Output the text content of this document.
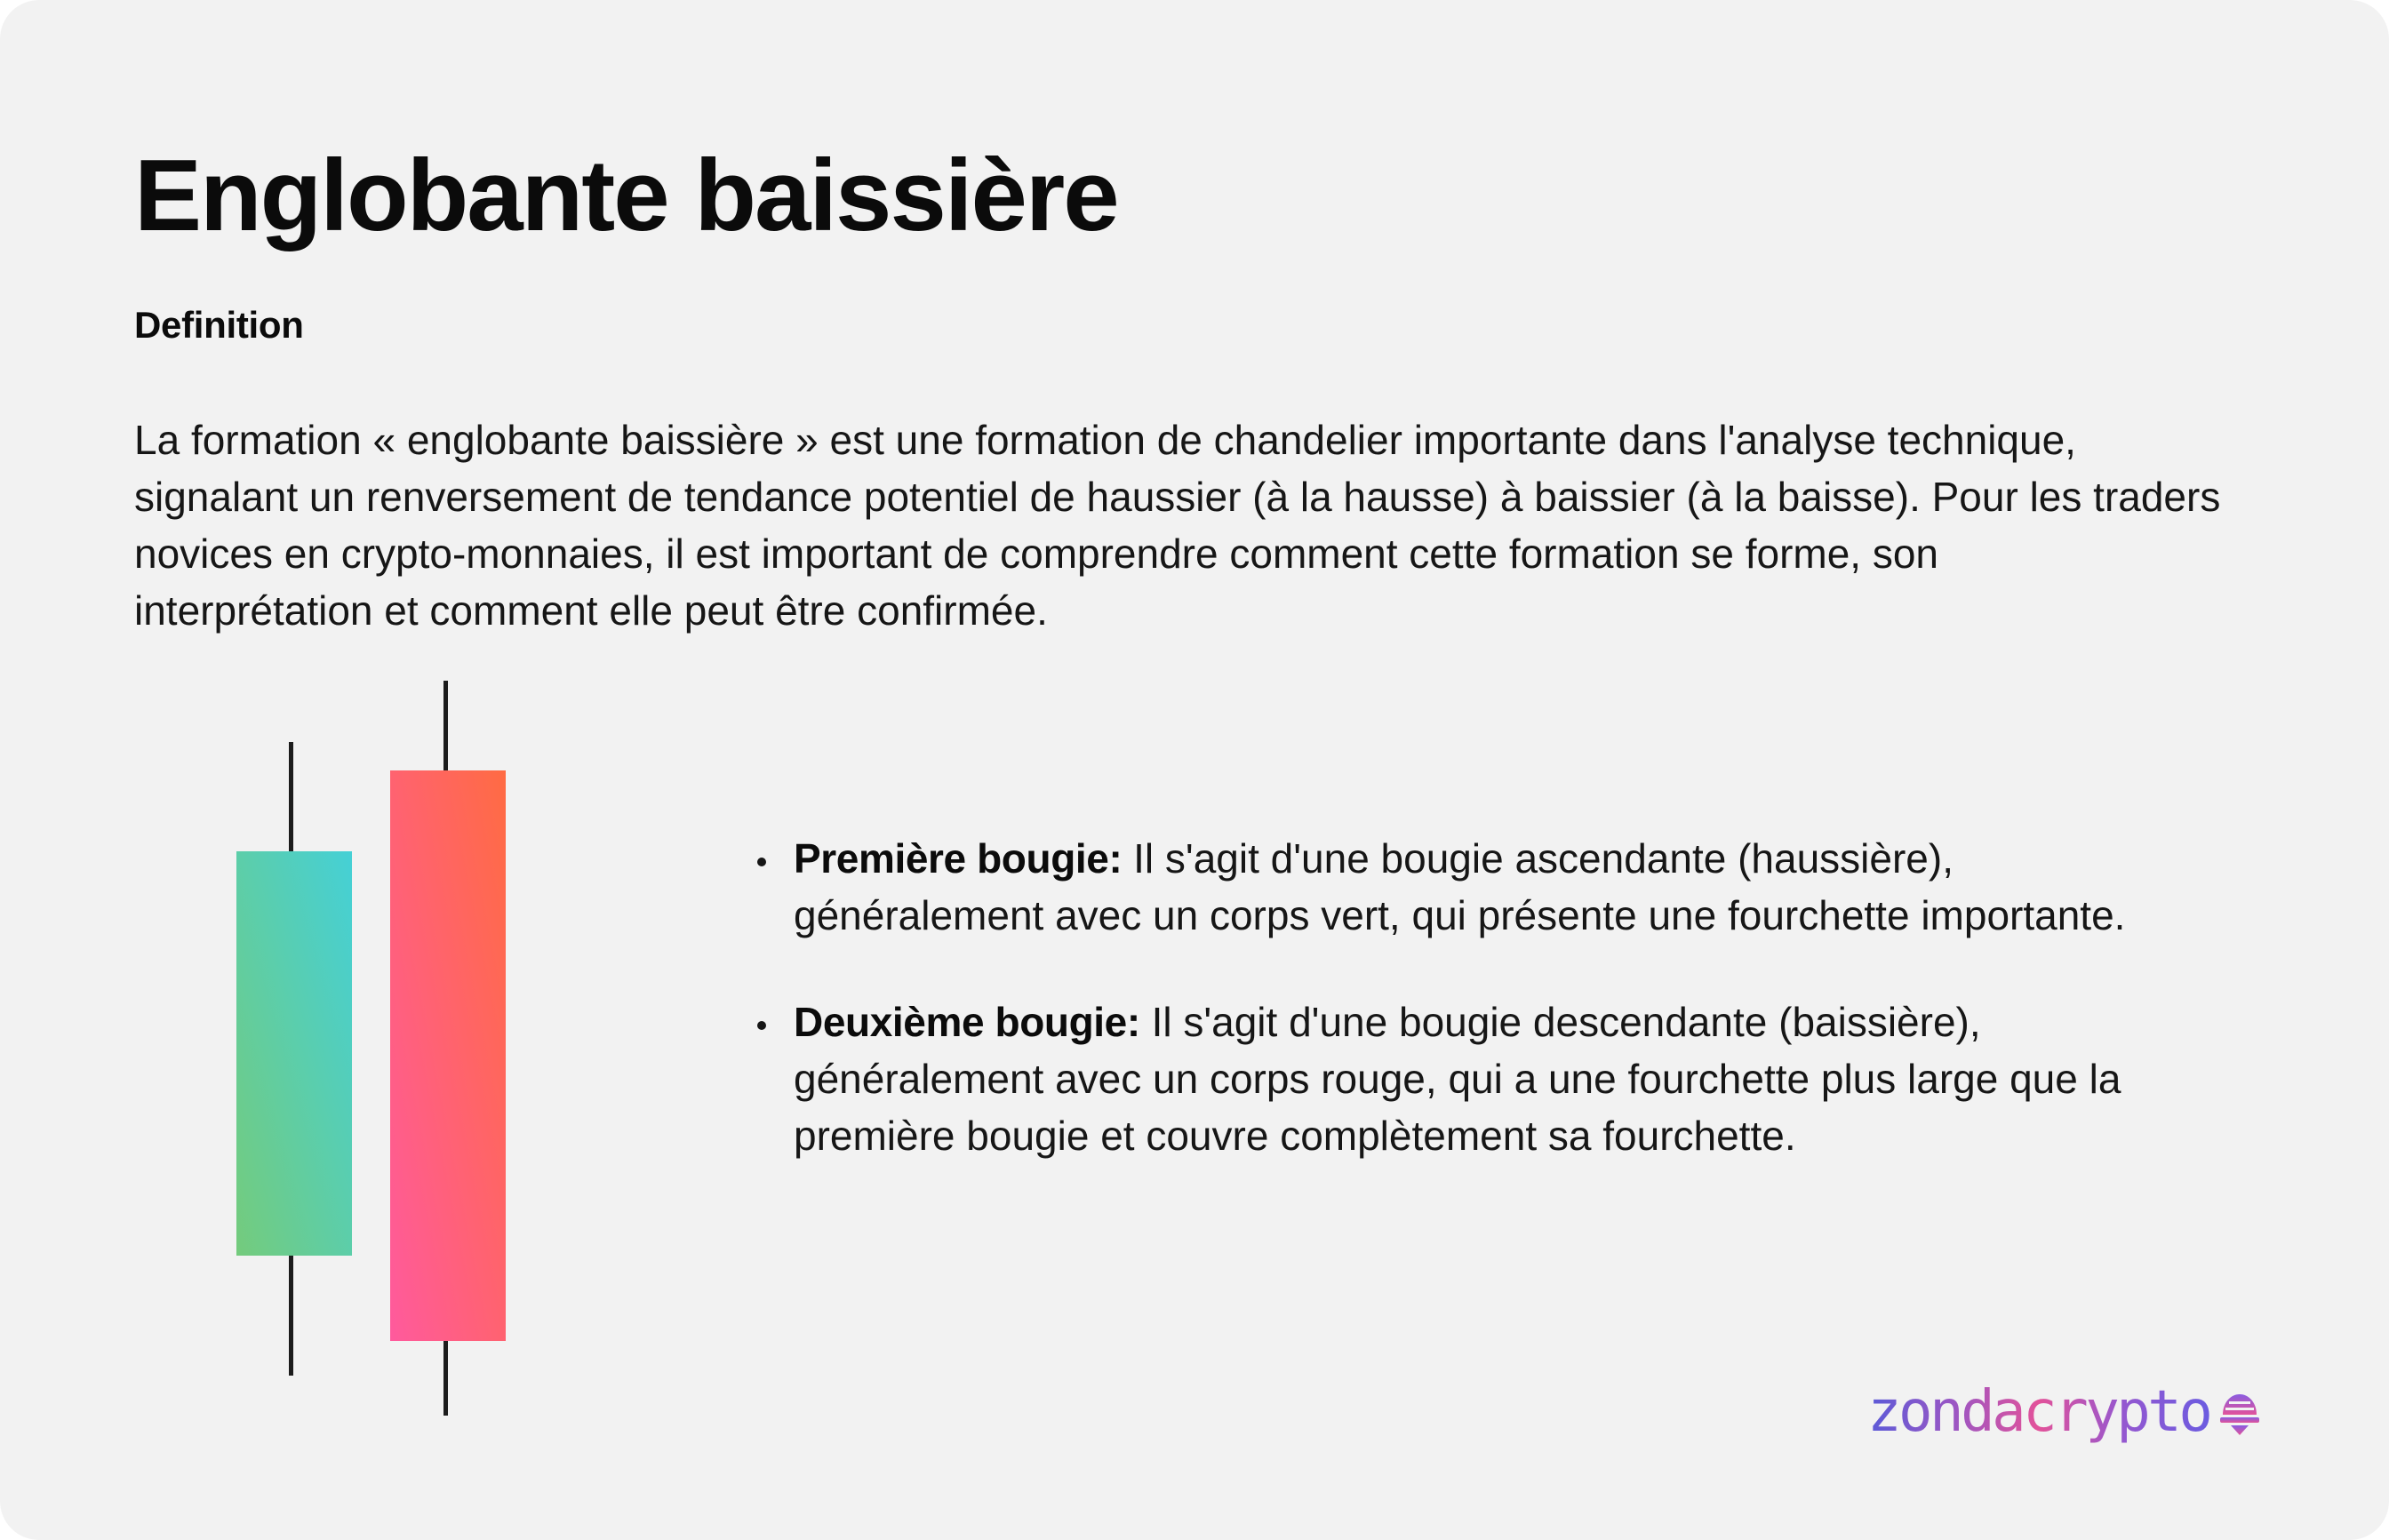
Englobante baissière
Definition
La formation « englobante baissière » est une formation de chandelier importante dans l'analyse technique,
signalant un renversement de tendance potentiel de haussier (à la hausse) à baissier (à la baisse). Pour les traders
novices en crypto-monnaies, il est important de comprendre comment cette formation se forme, son
interprétation et comment elle peut être confirmée.
Première bougie: Il s'agit d'une bougie ascendante (haussière),
généralement avec un corps vert, qui présente une fourchette importante.
Deuxième bougie: Il s'agit d'une bougie descendante (baissière),
généralement avec un corps rouge, qui a une fourchette plus large que la
première bougie et couvre complètement sa fourchette.
zondacrypto
